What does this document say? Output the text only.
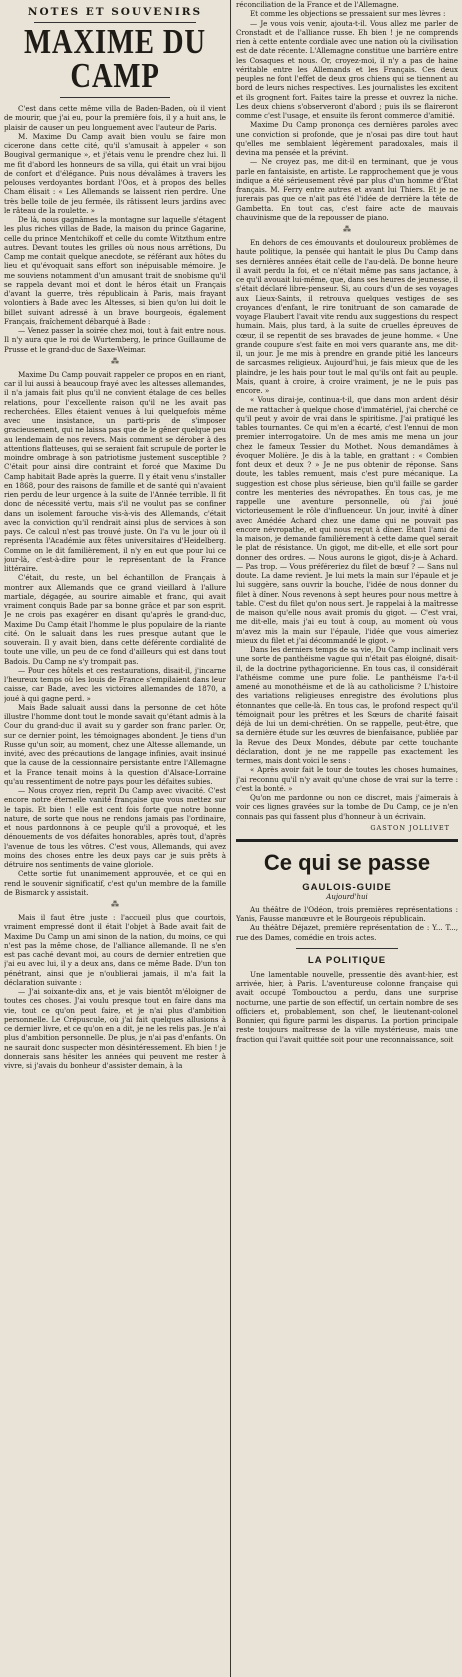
NOTES ET SOUVENIRS
MAXIME DU CAMP

C'est dans cette même villa de Baden-Baden, où il vient de mourir, que j'ai eu, pour la première fois, il y a huit ans, le plaisir de causer un peu longuement avec l'auteur de Paris.

M. Maxime Du Camp avait bien voulu se faire mon cicerone dans cette cité, qu'il s'amusait à appeler « son Bougival germanique », et j'étais venu le prendre chez lui. Il me fit d'abord les honneurs de sa villa, qui était un vrai bijou de confort et d'élégance. Puis nous dévalâmes à travers les pelouses verdoyantes bordant l'Oos, et à propos des belles Cham élisait : « Les Allemands se laissent rien perdre. Une très belle toile de jeu fermée, ils râtissent leurs jardins avec le râteau de la roulette. »

De là, nous gagnâmes la montagne sur laquelle s'étagent les plus riches villas de Bade, la maison du prince Gagarine, celle du prince Mentchikoff et celle du comte Witzthum entre autres. Devant toutes les grilles où nous nous arrêtions, Du Camp me contait quelque anecdote, se référant aux hôtes du lieu et qu'évoquait sans effort son inépuisable mémoire. Je me souviens notamment d'un amusant trait de snobisme qu'il se rappela devant moi et dont le héros était un Français d'avant la guerre, très républicain à Paris, mais frayant volontiers à Bade avec les Altesses, si bien qu'on lui doit le billet suivant adressé à un brave bourgeois, également Français, fraîchement débarqué à Bade :

— Venez passer la soirée chez moi, tout à fait entre nous. Il n'y aura que le roi de Wurtemberg, le prince Guillaume de Prusse et le grand-duc de Saxe-Weimar.

⁂

Maxime Du Camp pouvait rappeler ce propos en en riant, car il lui aussi à beaucoup frayé avec les altesses allemandes, il n'a jamais fait plus qu'il ne convient étalage de ces belles relations, pour l'excellente raison qu'il ne les avait pas recherchées. Elles étaient venues à lui quelquefois même avec une insistance, un parti-pris de s'imposer gracieusement, qui ne laissa pas que de le gêner quelque peu au lendemain de nos revers. Mais comment se dérober à des attentions flatteuses, qui se seraient fait scrupule de porter le moindre ombrage à son patriotisme justement susceptible ? C'était pour ainsi dire contraint et forcé que Maxime Du Camp habitait Bade après la guerre. Il y était venu s'installer en 1868, pour des raisons de famille et de santé qui n'avaient rien perdu de leur urgence à la suite de l'Année terrible. Il fit donc de nécessité vertu, mais s'il ne voulut pas se confiner dans un isolement farouche vis-à-vis des Allemands, c'était avec la conviction qu'il rendrait ainsi plus de services à son pays. Ce calcul n'est pas trouvé juste. On l'a vu le jour où il représenta l'Académie aux fêtes universitaires d'Heidelberg. Comme on le dit familièrement, il n'y en eut que pour lui ce jour-là, c'est-à-dire pour le représentant de la France littéraire.

C'était, du reste, un bel échantillon de Français à montrer aux Allemands que ce grand vieillard à l'allure martiale, dégagée, au sourire aimable et franc, qui avait vraiment conquis Bade par sa bonne grâce et par son esprit. Je ne crois pas exagérer en disant qu'après le grand-duc, Maxime Du Camp était l'homme le plus populaire de la riante cité. On le saluait dans les rues presque autant que le souverain. Il y avait bien, dans cette déférente cordialité de toute une ville, un peu de ce fond d'ailleurs qui est dans tout Badois. Du Camp ne s'y trompait pas.

— Pour ces hôtels et ces restaurations, disait-il, j'incarne l'heureux temps où les louis de France s'empilaient dans leur caisse, car Bade, avec les victoires allemandes de 1870, a joué à qui gagne perd. »

Mais Bade saluait aussi dans la personne de cet hôte illustre l'homme dont tout le monde savait qu'étant admis à la Cour du grand-duc il avait su y garder son franc parler. Or, sur ce dernier point, les témoignages abondent. Je tiens d'un Russe qu'un soir, au moment, chez une Altesse allemande, un invité, avec des précautions de langage infinies, avait insinué que la cause de la cessionnaire persistante entre l'Allemagne et la France tenait moins à la question d'Alsace-Lorraine qu'au ressentiment de notre pays pour les défaites subies.

— Nous croyez rien, reprit Du Camp avec vivacité. C'est encore notre éternelle vanité française que vous mettez sur le tapis. Et bien ! elle est cent fois forte que notre bonne nature, de sorte que nous ne rendons jamais pas l'ordinaire, et nous pardonnons à ce peuple qu'il a provoqué, et les dénouements de vos défaites honorables, après tout, d'après l'avenue de tous les vôtres. C'est vous, Allemands, qui avez moins des choses entre les deux pays car je suis prêts à détruire nos sentiments de vaine gloriole.

Cette sortie fut unanimement approuvée, et ce qui en rend le souvenir significatif, c'est qu'un membre de la famille de Bismarck y assistait.

⁂

Mais il faut être juste : l'accueil plus que courtois, vraiment empressé dont il était l'objet à Bade avait fait de Maxime Du Camp un ami sinon de la nation, du moins, ce qui n'est pas la même chose, de l'alliance allemande. Il ne s'en est pas caché devant moi, au cours de dernier entretien que j'ai eu avec lui, il y a deux ans, dans ce même Bade. D'un ton pénétrant, ainsi que je n'oublierai jamais, il m'a fait la déclaration suivante :

— J'ai soixante-dix ans, et je vais bientôt m'éloigner de toutes ces choses. J'ai voulu presque tout en faire dans ma vie, tout ce qu'on peut faire, et je n'ai plus d'ambition personnelle. Le Crépuscule, où j'ai fait quelques allusions à ce dernier livre, et ce qu'on en a dit, je ne les relis pas. Je n'ai plus d'ambition personnelle. De plus, je n'ai pas d'enfants. On ne saurait donc suspecter mon désintéressement. Eh bien ! je donnerais sans hésiter les années qui peuvent me rester à vivre, si j'avais du bonheur d'assister demain, à la

réconciliation de la France et de l'Allemagne.

Et comme les objections se pressaient sur mes lèvres :

— Je vous vois venir, ajouta-t-il. Vous allez me parler de Cronstadt et de l'alliance russe. Eh bien ! je ne comprends rien à cette entente cordiale avec une nation où la civilisation est de date récente. L'Allemagne constitue une barrière entre les Cosaques et nous. Or, croyez-moi, il n'y a pas de haine véritable entre les Allemands et les Français. Ces deux peuples ne font l'effet de deux gros chiens qui se tiennent au bord de leurs niches respectives. Les journalistes les excitent et ils grognent fort. Faites taire la presse et ouvrez la niche. Les deux chiens s'observeront d'abord ; puis ils se flaireront comme c'est l'usage, et ensuite ils feront commerce d'amitié.

Maxime Du Camp prononça ces dernières paroles avec une conviction si profonde, que je n'osai pas dire tout haut qu'elles me semblaient légèrement paradoxales, mais il devina ma pensée et la prévint.

— Ne croyez pas, me dit-il en terminant, que je vous parle en fantaisiste, en artiste. Le rapprochement que je vous indique a été sérieusement rêvé par plus d'un homme d'État français. M. Ferry entre autres et avant lui Thiers. Et je ne jurerais pas que ce n'ait pas été l'idée de derrière la tête de Gambetta. En tout cas, c'est faire acte de mauvais chauvinisme que de la repousser de piano.

⁂

En dehors de ces émouvants et douloureux problèmes de haute politique, la pensée qui hantait le plus Du Camp dans ses dernières années était celle de l'au-delà. De bonne heure il avait perdu la foi, et ce n'était même pas sans jactance, à ce qu'il avouait lui-même, que, dans ses heures de jeunesse, il s'était déclaré libre-penseur. Si, au cours d'un de ses voyages aux Lieux-Saints, il retrouva quelques vestiges de ses croyances d'enfant, le rire tonitruant de son camarade de voyage Flaubert l'avait vite rendu aux suggestions du respect humain. Mais, plus tard, à la suite de cruelles épreuves de cœur, il se repentit de ses bravades de jeune homme. « Une grande coupure s'est faite en moi vers quarante ans, me dit-il, un jour. Je me mis à prendre en grande pitié les lanceurs de sarcasmes religieux. Aujourd'hui, je fais mieux que de les plaindre, je les hais pour tout le mal qu'ils ont fait au peuple. Mais, quant à croire, à croire vraiment, je ne le puis pas encore. »

« Vous dirai-je, continua-t-il, que dans mon ardent désir de me rattacher à quelque chose d'immatériel, j'ai cherché ce qu'il peut y avoir de vrai dans le spiritisme. J'ai pratiqué les tables tournantes. Ce qui m'en a écarté, c'est l'ennui de mon premier interrogatoire. Un de mes amis me mena un jour chez le fameux Tessier du Mothet. Nous demandâmes à évoquer Molière. Je dis à la table, en grattant : « Combien font deux et deux ? » Je ne pus obtenir de réponse. Sans doute, les tables remuent, mais c'est pure mécanique. La suggestion est chose plus sérieuse, bien qu'il faille se garder contre les menteries des névropathes. En tous cas, je me rappelle une aventure personnelle, où j'ai joué victorieusement le rôle d'influenceur. Un jour, invité à dîner avec Amédée Achard chez une dame qui ne pouvait pas encore névropathe, et qui nous reçut à dîner. Étant l'ami de la maison, je demande familièrement à cette dame quel serait le plat de résistance. Un gigot, me dit-elle, et elle sort pour donner des ordres. — Nous aurons le gigot, dis-je à Achard. — Pas trop. — Vous préféreriez du filet de bœuf ? — Sans nul doute. La dame revient. Je lui mets la main sur l'épaule et je lui suggère, sans ouvrir la bouche, l'idée de nous donner du filet à dîner. Nous revenons à sept heures pour nous mettre à table. C'est du filet qu'on nous sert. Je rappelai à la maîtresse de maison qu'elle nous avait promis du gigot. — C'est vrai, me dit-elle, mais j'ai eu tout à coup, au moment où vous m'avez mis la main sur l'épaule, l'idée que vous aimeriez mieux du filet et j'ai décommandé le gigot. »

Dans les derniers temps de sa vie, Du Camp inclinait vers une sorte de panthéisme vague qui n'était pas éloigné, disait-il, de la doctrine pythagoricienne. En tous cas, il considérait l'athéisme comme une pure folie. Le panthéisme l'a-t-il amené au monothéisme et de là au catholicisme ? L'histoire des variations religieuses enregistre des évolutions plus étonnantes que celle-là. En tous cas, le profond respect qu'il témoignait pour les prêtres et les Sœurs de charité faisait déjà de lui un demi-chrétien. On se rappelle, peut-être, que sa dernière étude sur les œuvres de bienfaisance, publiée par la Revue des Deux Mondes, débute par cette touchante déclaration, dont je ne me rappelle pas exactement les termes, mais dont voici le sens :

« Après avoir fait le tour de toutes les choses humaines, j'ai reconnu qu'il n'y avait qu'une chose de vrai sur la terre : c'est la bonté. »

Qu'on me pardonne ou non ce discret, mais j'aimerais à voir ces lignes gravées sur la tombe de Du Camp, ce je n'en connais pas qui fassent plus d'honneur à un écrivain.

GASTON JOLLIVET
Ce qui se passe
GAULOIS-GUIDE
Aujourd'hui

Au théâtre de l'Odéon, trois premières représentations : Yanis, Fausse manœuvre et le Bourgeois républicain.

Au théâtre Déjazet, première représentation de : Y... T..., rue des Dames, comédie en trois actes.

LA POLITIQUE

Une lamentable nouvelle, pressentie dès avant-hier, est arrivée, hier, à Paris. L'aventureuse colonne française qui avait occupé Tombouctou a perdu, dans une surprise nocturne, une partie de son effectif, un certain nombre de ses officiers et, probablement, son chef, le lieutenant-colonel Bonnier, qui figure parmi les disparus. La portion principale reste toujours maîtresse de la ville mystérieuse, mais une fraction qui l'avait quittée soit pour une reconnaissance, soit
